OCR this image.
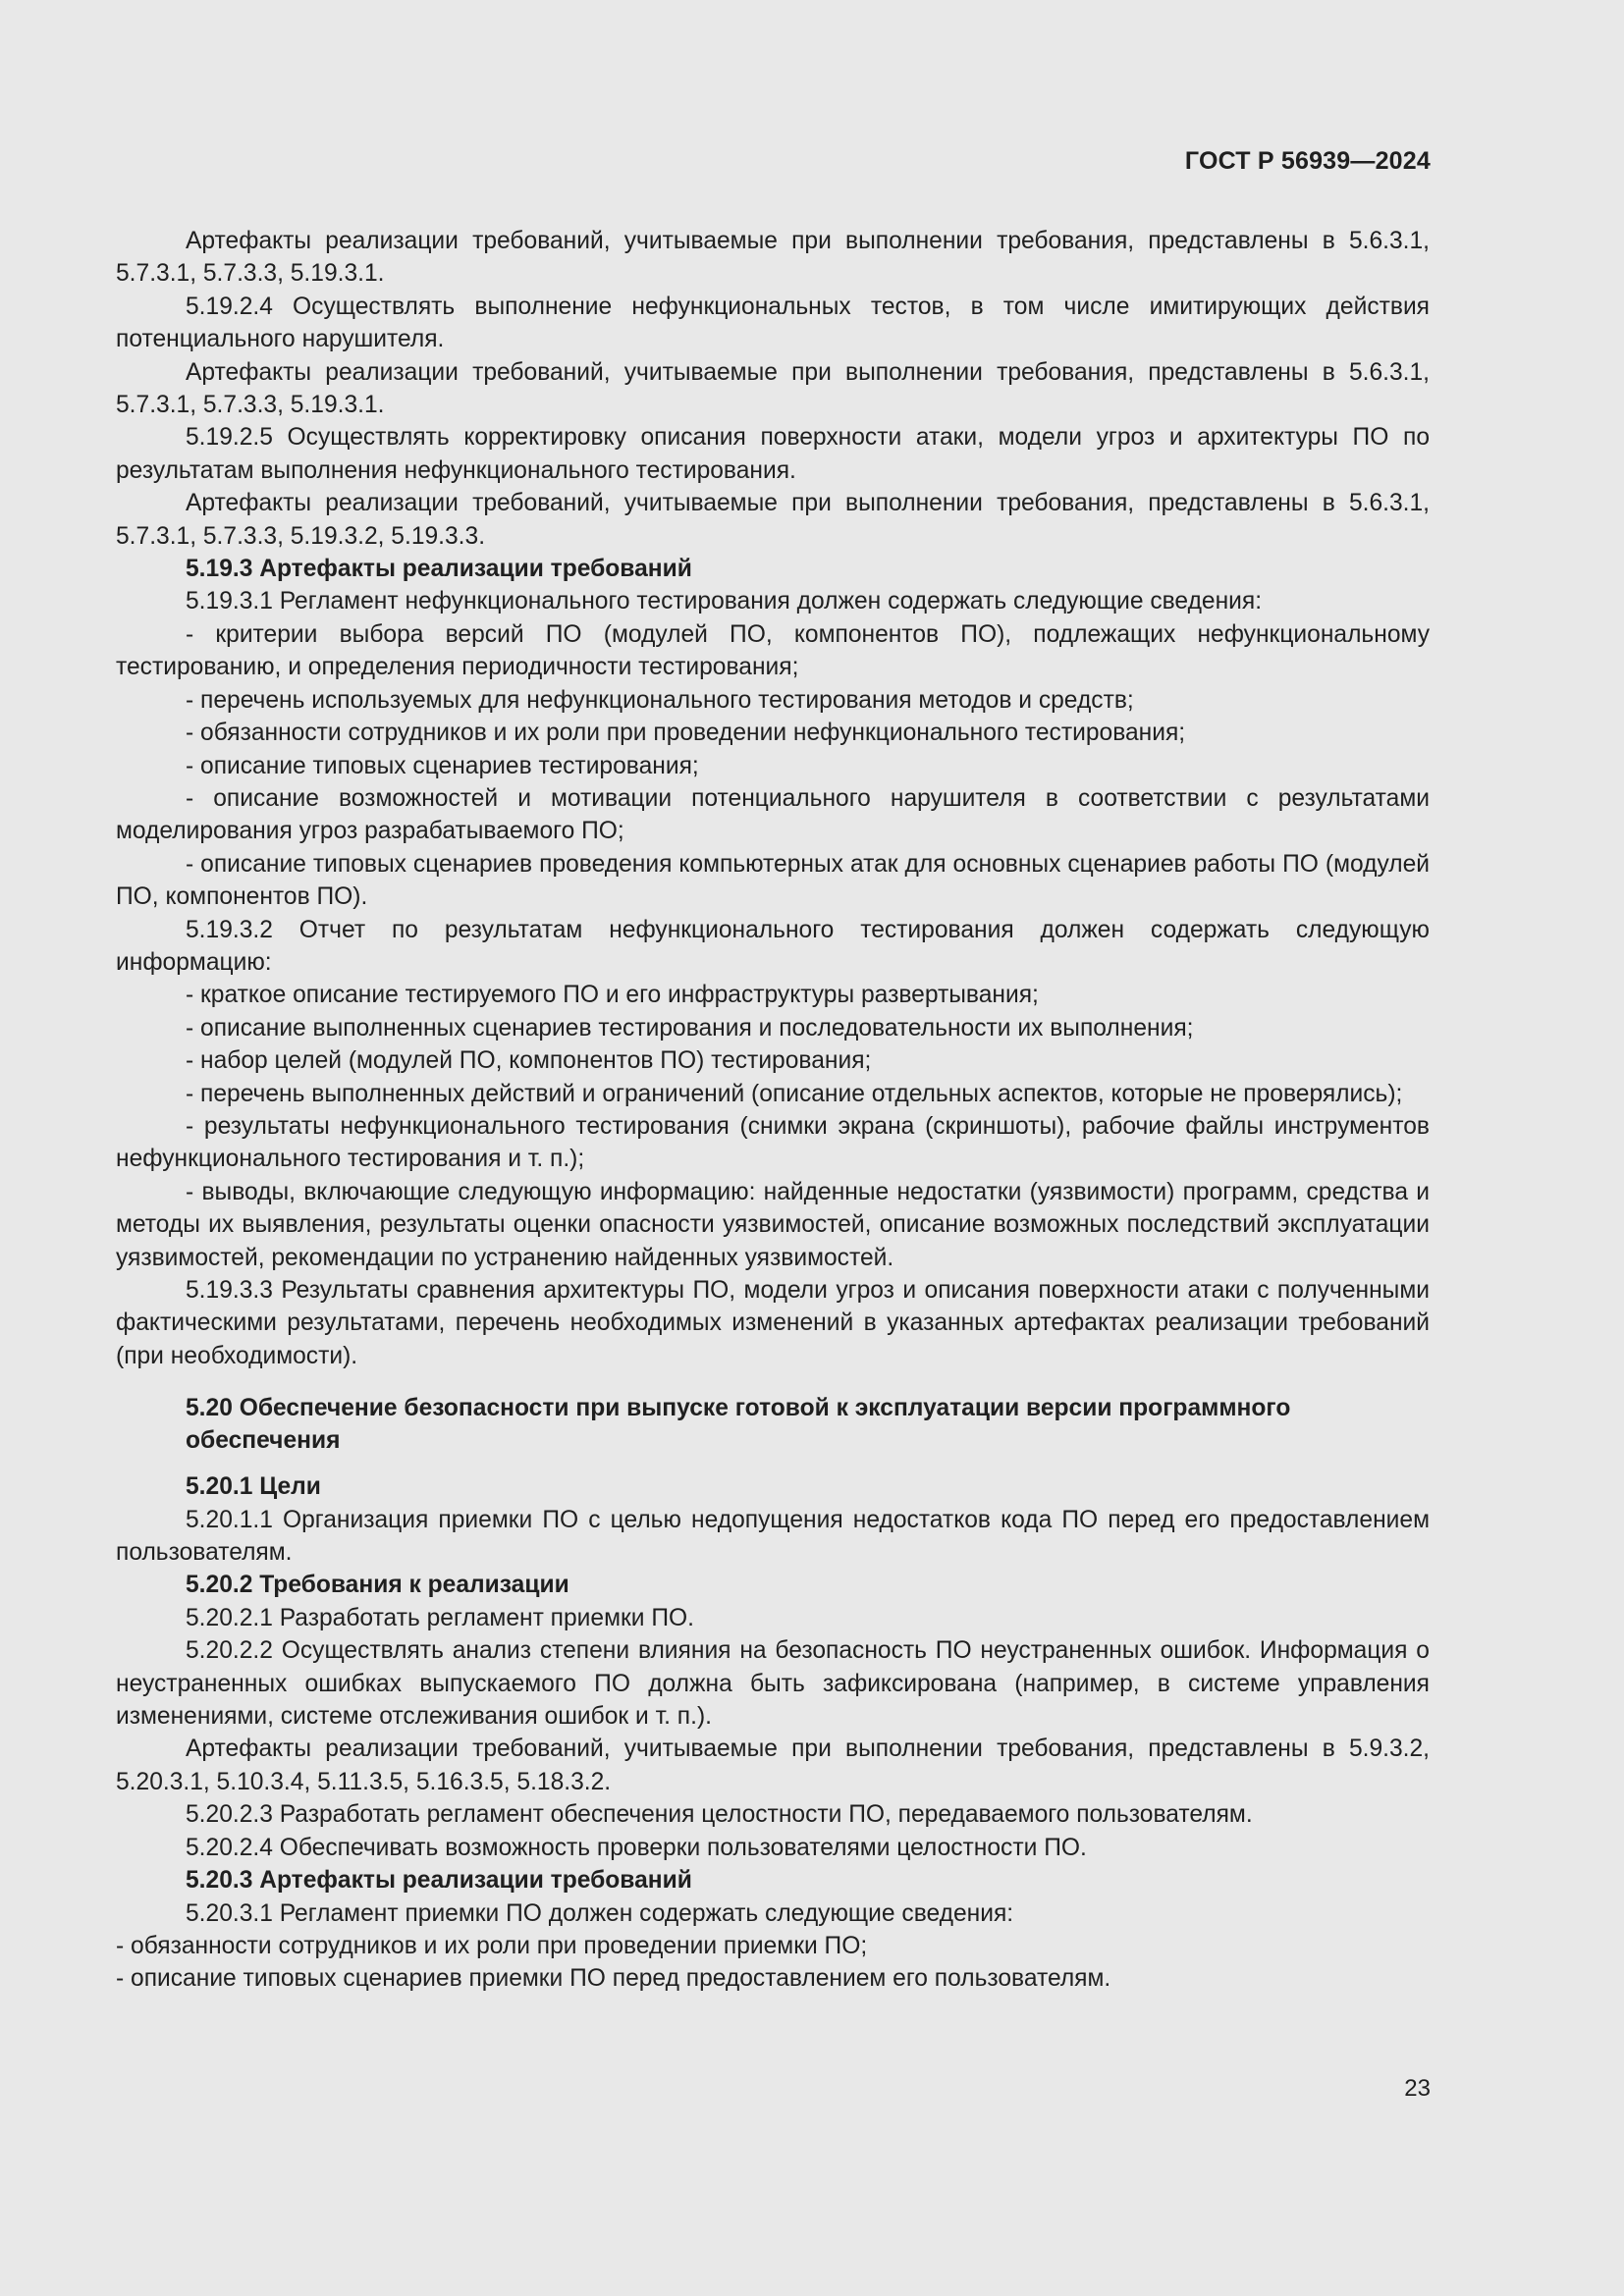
ГОСТ Р 56939—2024

Артефакты реализации требований, учитываемые при выполнении требования, представлены в 5.6.3.1, 5.7.3.1, 5.7.3.3, 5.19.3.1.

5.19.2.4 Осуществлять выполнение нефункциональных тестов, в том числе имитирующих действия потенциального нарушителя.

Артефакты реализации требований, учитываемые при выполнении требования, представлены в 5.6.3.1, 5.7.3.1, 5.7.3.3, 5.19.3.1.

5.19.2.5 Осуществлять корректировку описания поверхности атаки, модели угроз и архитектуры ПО по результатам выполнения нефункционального тестирования.

Артефакты реализации требований, учитываемые при выполнении требования, представлены в 5.6.3.1, 5.7.3.1, 5.7.3.3, 5.19.3.2, 5.19.3.3.

5.19.3 Артефакты реализации требований

5.19.3.1 Регламент нефункционального тестирования должен содержать следующие сведения:

- критерии выбора версий ПО (модулей ПО, компонентов ПО), подлежащих нефункциональному тестированию, и определения периодичности тестирования;

- перечень используемых для нефункционального тестирования методов и средств;

- обязанности сотрудников и их роли при проведении нефункционального тестирования;

- описание типовых сценариев тестирования;

- описание возможностей и мотивации потенциального нарушителя в соответствии с результатами моделирования угроз разрабатываемого ПО;

- описание типовых сценариев проведения компьютерных атак для основных сценариев работы ПО (модулей ПО, компонентов ПО).

5.19.3.2 Отчет по результатам нефункционального тестирования должен содержать следующую информацию:

- краткое описание тестируемого ПО и его инфраструктуры развертывания;

- описание выполненных сценариев тестирования и последовательности их выполнения;

- набор целей (модулей ПО, компонентов ПО) тестирования;

- перечень выполненных действий и ограничений (описание отдельных аспектов, которые не проверялись);

- результаты нефункционального тестирования (снимки экрана (скриншоты), рабочие файлы инструментов нефункционального тестирования и т. п.);

- выводы, включающие следующую информацию: найденные недостатки (уязвимости) программ, средства и методы их выявления, результаты оценки опасности уязвимостей, описание возможных последствий эксплуатации уязвимостей, рекомендации по устранению найденных уязвимостей.

5.19.3.3 Результаты сравнения архитектуры ПО, модели угроз и описания поверхности атаки с полученными фактическими результатами, перечень необходимых изменений в указанных артефактах реализации требований (при необходимости).

5.20 Обеспечение безопасности при выпуске готовой к эксплуатации версии программного обеспечения

5.20.1 Цели

5.20.1.1 Организация приемки ПО с целью недопущения недостатков кода ПО перед его предоставлением пользователям.

5.20.2 Требования к реализации

5.20.2.1 Разработать регламент приемки ПО.

5.20.2.2 Осуществлять анализ степени влияния на безопасность ПО неустраненных ошибок. Информация о неустраненных ошибках выпускаемого ПО должна быть зафиксирована (например, в системе управления изменениями, системе отслеживания ошибок и т. п.).

Артефакты реализации требований, учитываемые при выполнении требования, представлены в 5.9.3.2, 5.20.3.1, 5.10.3.4, 5.11.3.5, 5.16.3.5, 5.18.3.2.

5.20.2.3 Разработать регламент обеспечения целостности ПО, передаваемого пользователям.

5.20.2.4 Обеспечивать возможность проверки пользователями целостности ПО.

5.20.3 Артефакты реализации требований

5.20.3.1 Регламент приемки ПО должен содержать следующие сведения:

- обязанности сотрудников и их роли при проведении приемки ПО;

- описание типовых сценариев приемки ПО перед предоставлением его пользователям.

23
